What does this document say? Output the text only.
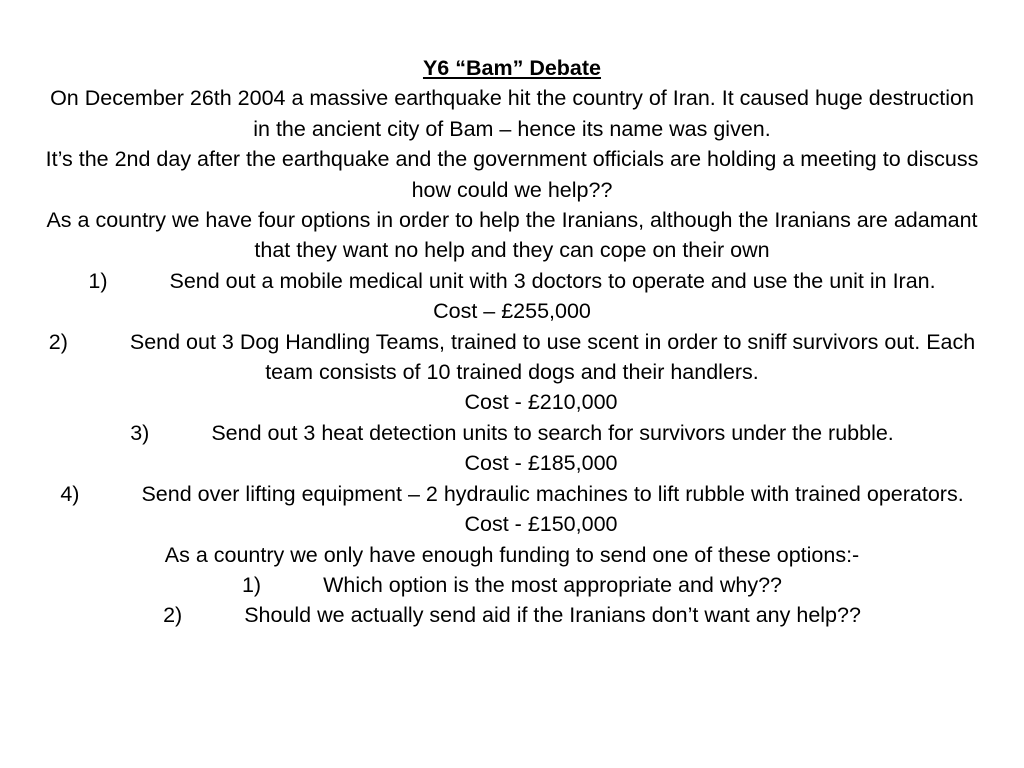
Y6 “Bam” Debate
On December 26th 2004 a massive earthquake hit the country of Iran. It caused huge destruction in the ancient city of Bam – hence its name was given.
It’s the 2nd day after the earthquake and the government officials are holding a meeting to discuss how could we help??
As a country we have four options in order to help the Iranians, although the Iranians are adamant that they want no help and they can cope on their own
1)	Send out a mobile medical unit with 3 doctors to operate and use the unit in Iran.
Cost – £255,000
2)	Send out 3 Dog Handling Teams, trained to use scent in order to sniff survivors out. Each team consists of 10 trained dogs and their handlers.
Cost - £210,000
3)	Send out 3 heat detection units to search for survivors under the rubble.
Cost - £185,000
4)	Send over lifting equipment – 2 hydraulic machines to lift rubble with trained operators.
Cost - £150,000
As a country we only have enough funding to send one of these options:-
1)	Which option is the most appropriate and why??
2)	Should we actually send aid if the Iranians don’t want any help??
